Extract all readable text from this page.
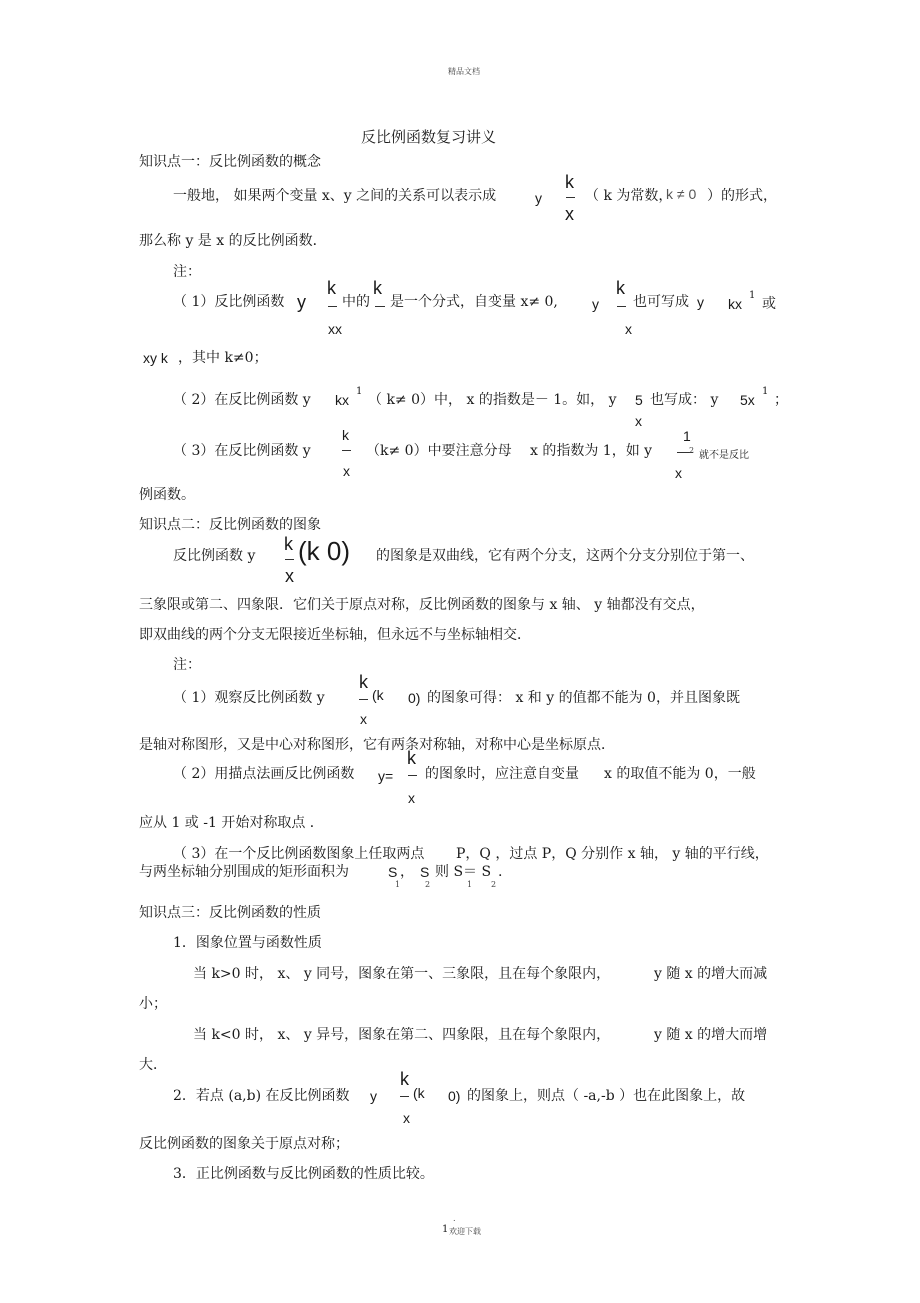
精品文档
反比例函数复习讲义
知识点一：反比例函数的概念
一般地， 如果两个变量 x、y 之间的关系可以表示成	y
k
x
（ k 为常数，
k ≠ 0 ）的形式，
那么称 y 是 x 的反比例函数．
注：
（ 1）反比例函数 y
k
中的
k
xx
是一个分式，自变量 x≠ 0, y
k
x
也可写成 y kx
1
或
xy k ，其中 k≠0；
（ 2）在反比例函数 y kx
1
（ k≠ 0）中， x 的指数是－ 1。如， y 5
x
也写成： y 5x
1
；
（ 3）在反比例函数 y
k
x
（k≠ 0）中要注意分母 x 的指数为 1，如 y
1
2
x
就不是反比
例函数。
知识点二：反比例函数的图象
反比例函数 y
k
x
(k 0) 的图象是双曲线，它有两个分支，这两个分支分别位于第一、
三象限或第二、四象限．它们关于原点对称，反比例函数的图象与 x 轴、 y 轴都没有交点，
即双曲线的两个分支无限接近坐标轴，但永远不与坐标轴相交．
注：
（ 1）观察反比例函数 y
k
x
(k 0) 的图象可得： x 和 y 的值都不能为 0，并且图象既
是轴对称图形，又是中心对称图形，它有两条对称轴，对称中心是坐标原点．
（ 2）用描点法画反比例函数 y=
k
x
的图象时，应注意自变量 x 的取值不能为 0，一般
应从 1 或 -1 开始对称取点 ．
（ 3）在一个反比例函数图象上任取两点 P，Q ，过点 P，Q 分别作 x 轴， y 轴的平行线，
与两坐标轴分别围成的矩形面积为	S ， S 则 S＝ S .
1	2	1 2
知识点三：反比例函数的性质
1．图象位置与函数性质
当 k>0 时， x、 y 同号，图象在第一、三象限，且在每个象限内，	y 随 x 的增大而减
小；
当 k<0 时， x、 y 异号，图象在第二、四象限，且在每个象限内，	y 随 x 的增大而增
大．
2．若点 (a,b) 在反比例函数 y
k
x
(k 0) 的图象上，则点（ -a,-b ）也在此图象上，故
反比例函数的图象关于原点对称；
3．正比例函数与反比例函数的性质比较。
.
1 欢迎下载
